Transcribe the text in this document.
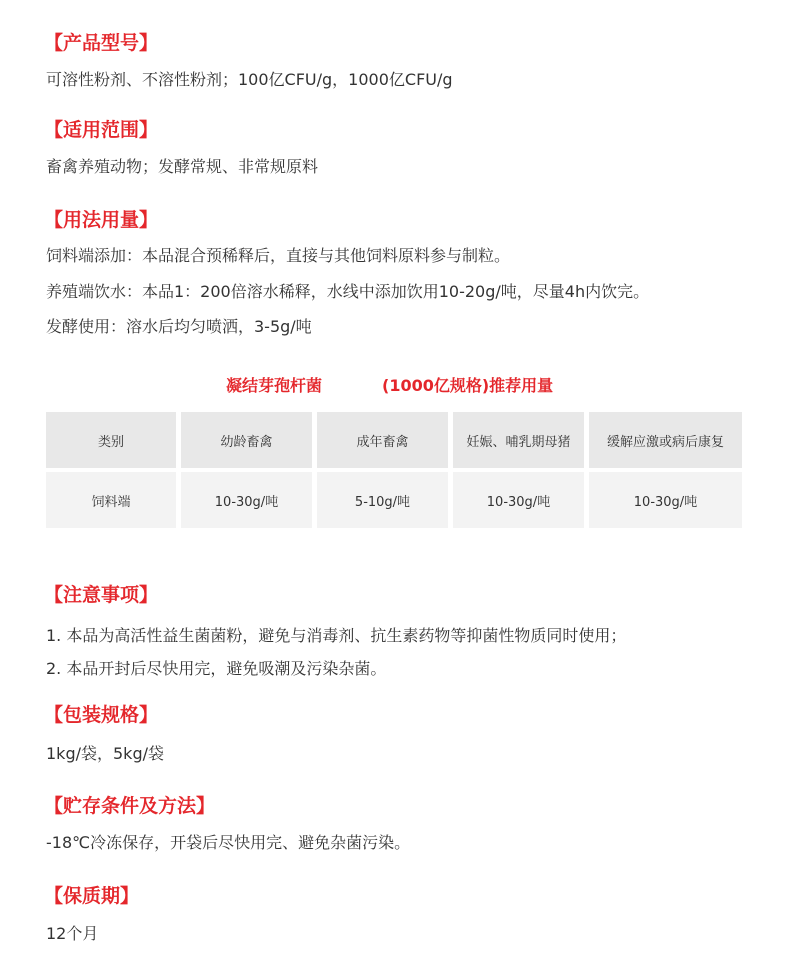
【产品型号】
可溶性粉剂、不溶性粉剂；100亿CFU/g，1000亿CFU/g
【适用范围】
畜禽养殖动物；发酵常规、非常规原料
【用法用量】
饲料端添加：本品混合预稀释后，直接与其他饲料原料参与制粒。
养殖端饮水：本品1：200倍溶水稀释，水线中添加饮用10-20g/吨，尽量4h内饮完。
发酵使用：溶水后均匀喷洒，3-5g/吨
凝结芽孢杆菌	(1000亿规格)推荐用量
类别	幼龄畜禽	成年畜禽	妊娠、哺乳期母猪	缓解应激或病后康复
饲料端	10-30g/吨	5-10g/吨	10-30g/吨	10-30g/吨
【注意事项】
1. 本品为高活性益生菌菌粉，避免与消毒剂、抗生素药物等抑菌性物质同时使用；
2. 本品开封后尽快用完，避免吸潮及污染杂菌。
【包装规格】
1kg/袋，5kg/袋
【贮存条件及方法】
-18℃冷冻保存，开袋后尽快用完、避免杂菌污染。
【保质期】
12个月
